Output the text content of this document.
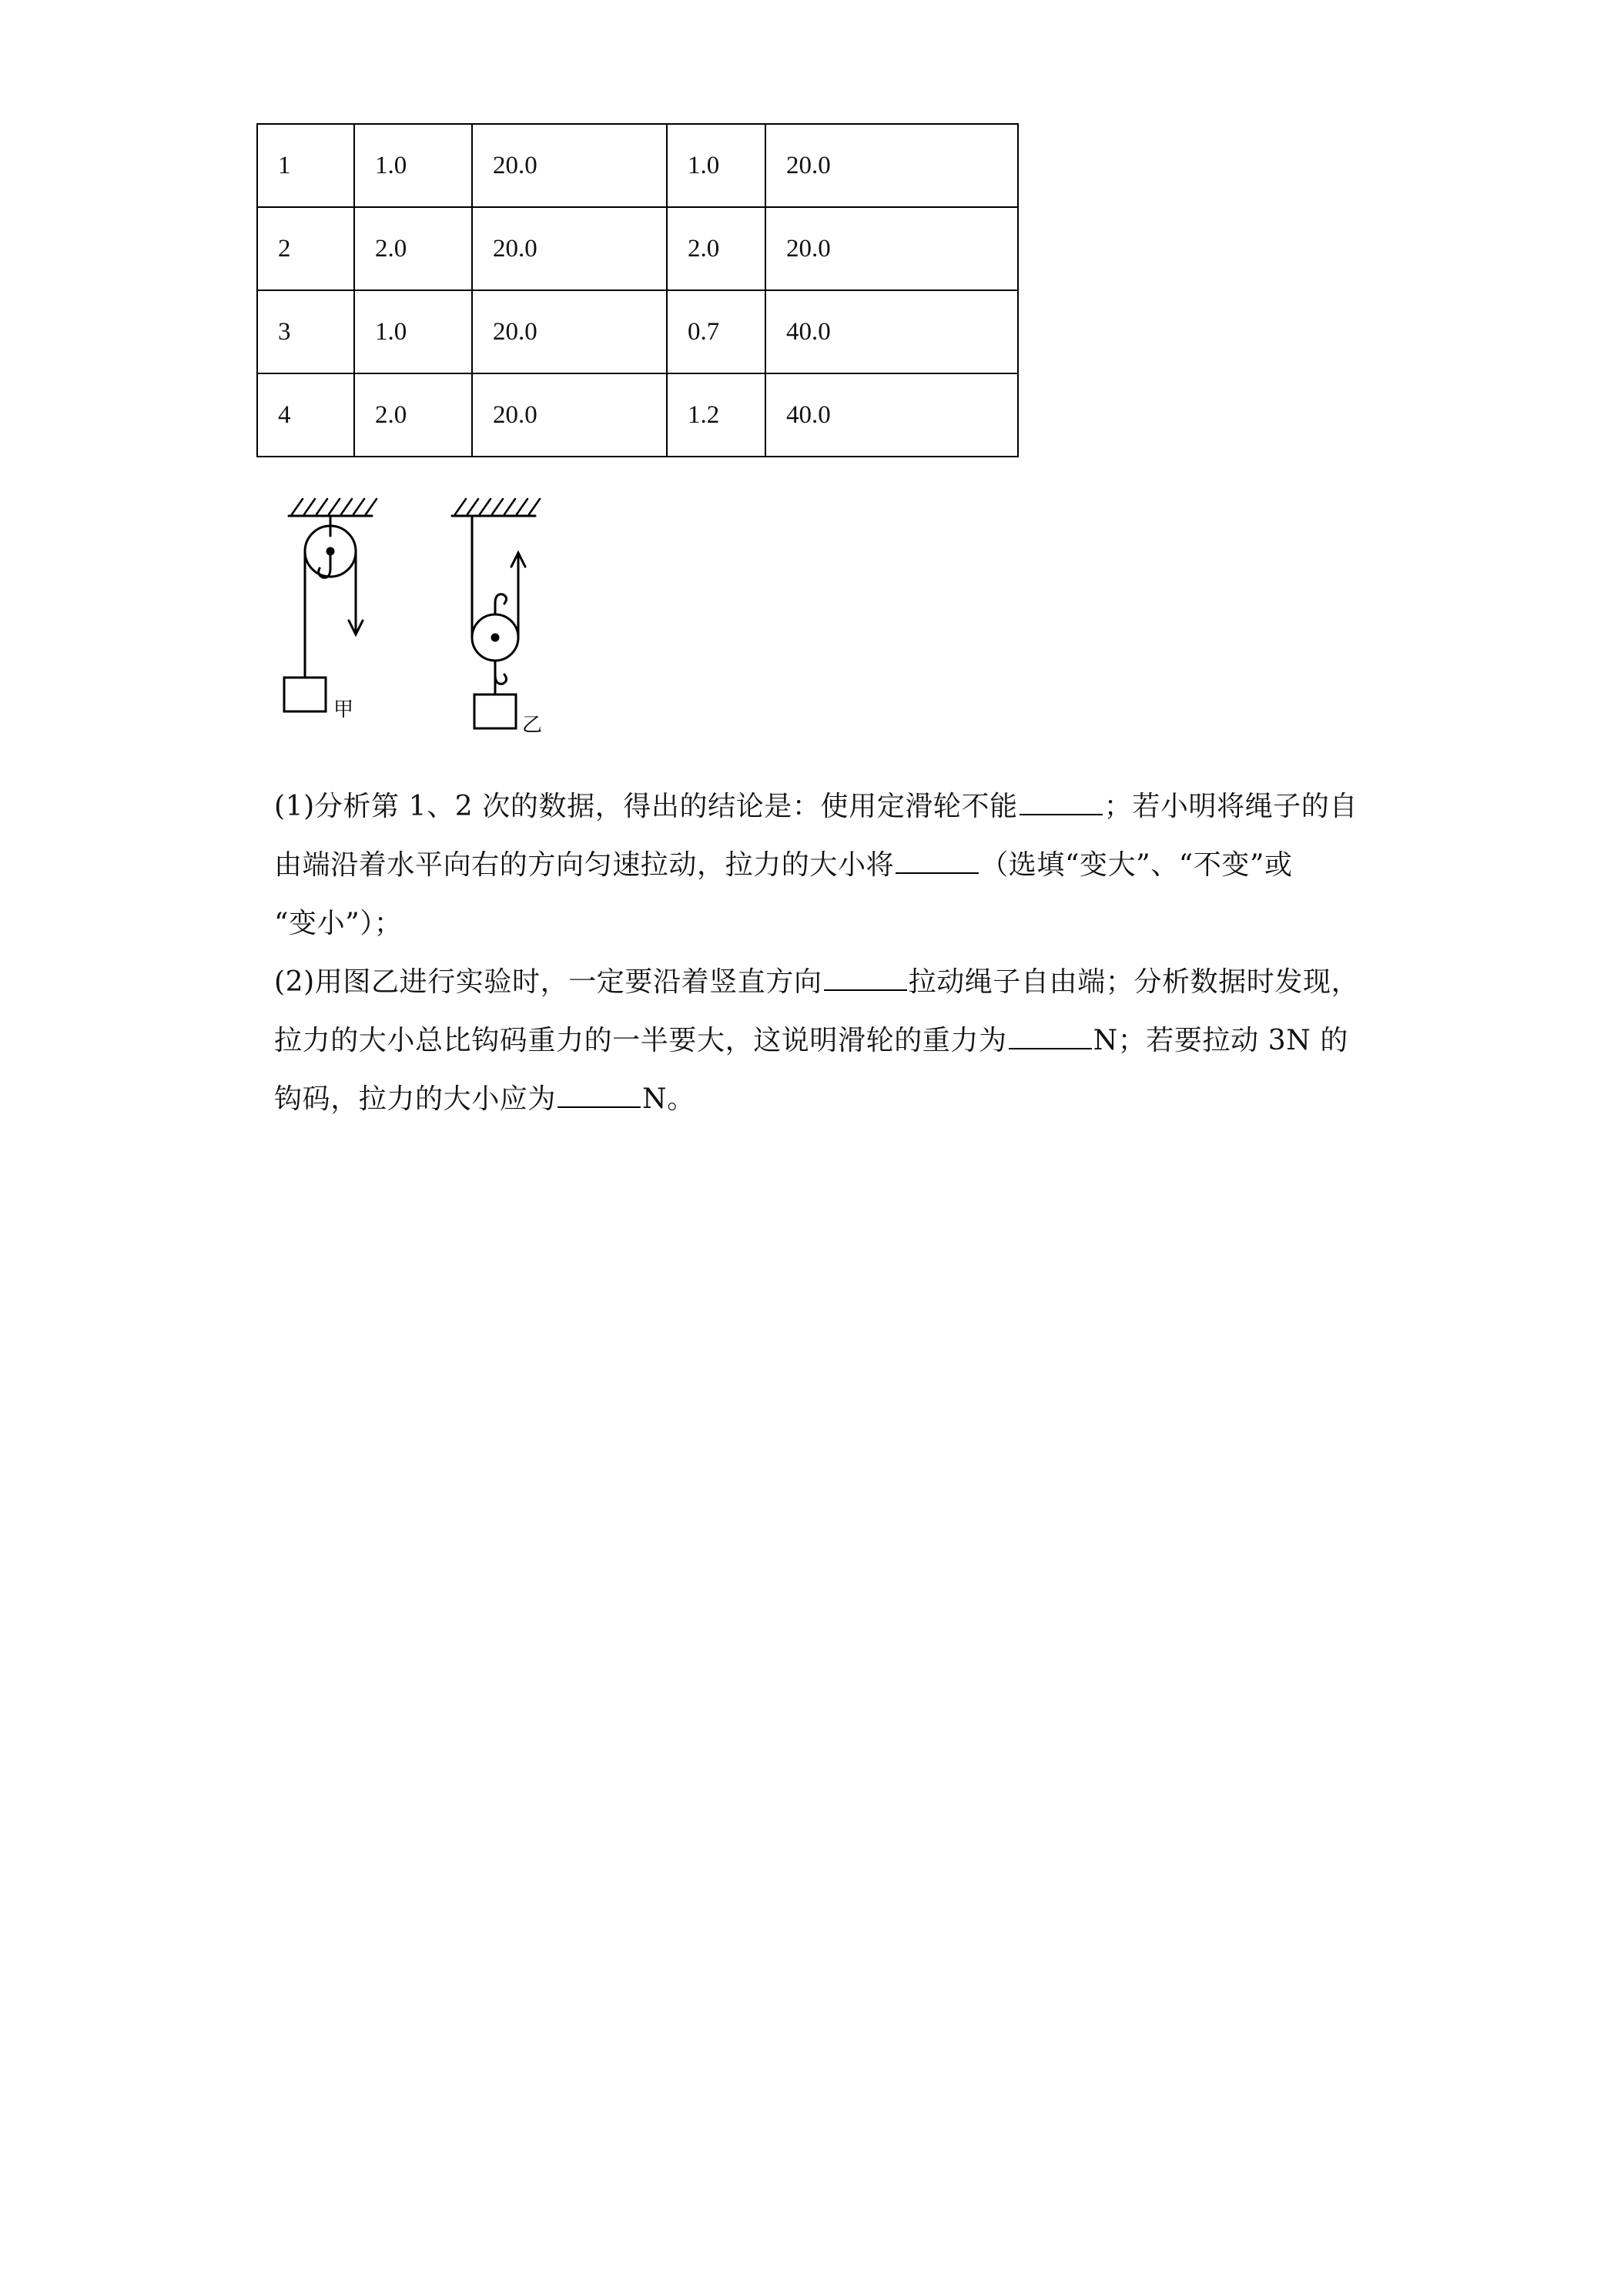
1	1.0	20.0	1.0	20.0
2	2.0	20.0	2.0	20.0
3	1.0	20.0	0.7	40.0
4	2.0	20.0	1.2	40.0
甲
乙
(1)分析第 1、2 次的数据，得出的结论是：使用定滑轮不能	；若小明将绳子的自
由端沿着水平向右的方向匀速拉动，拉力的大小将	（选填“变大”、“不变”或
“变小”）；
(2)用图乙进行实验时，一定要沿着竖直方向	拉动绳子自由端；分析数据时发现，
拉力的大小总比钩码重力的一半要大，这说明滑轮的重力为	N；若要拉动 3N 的
钩码，拉力的大小应为	N。
